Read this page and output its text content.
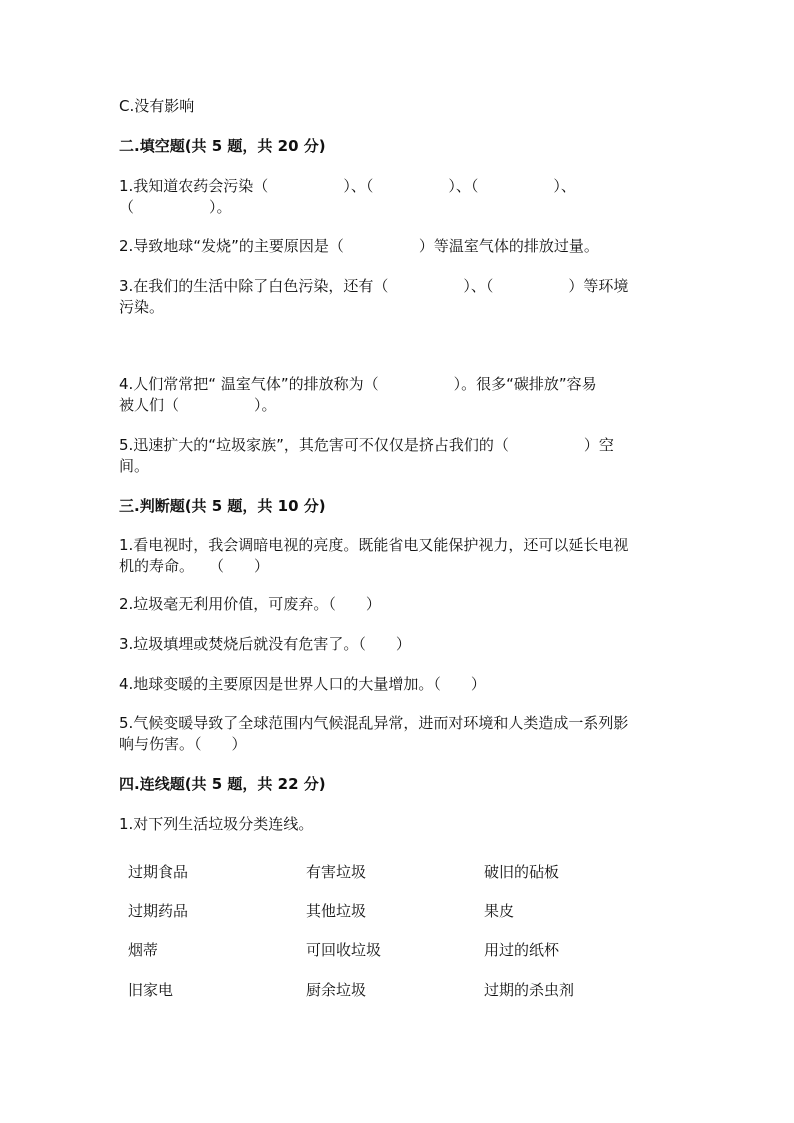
C.没有影响
二.填空题(共 5 题，共 20 分)
1.我知道农药会污染（　　　　　）、（　　　　　）、（　　　　　）、
（　　　　　）。
2.导致地球“发烧”的主要原因是（　　　　　）等温室气体的排放过量。
3.在我们的生活中除了白色污染，还有（　　　　　）、（　　　　　）等环境
污染。
4.人们常常把“ 温室气体”的排放称为（　　　　　）。很多“碳排放”容易
被人们（　　　　　）。
5.迅速扩大的“垃圾家族”，其危害可不仅仅是挤占我们的（　　　　　）空
间。
三.判断题(共 5 题，共 10 分)
1.看电视时，我会调暗电视的亮度。既能省电又能保护视力，还可以延长电视
机的寿命。　　（　　）
2.垃圾毫无利用价值，可废弃。（　　）
3.垃圾填埋或焚烧后就没有危害了。（　　）
4.地球变暖的主要原因是世界人口的大量增加。（　　）
5.气候变暖导致了全球范围内气候混乱异常，进而对环境和人类造成一系列影
响与伤害。（　　）
四.连线题(共 5 题，共 22 分)
1.对下列生活垃圾分类连线。
过期食品	有害垃圾	破旧的砧板
过期药品	其他垃圾	果皮
烟蒂	可回收垃圾	用过的纸杯
旧家电	厨余垃圾	过期的杀虫剂
